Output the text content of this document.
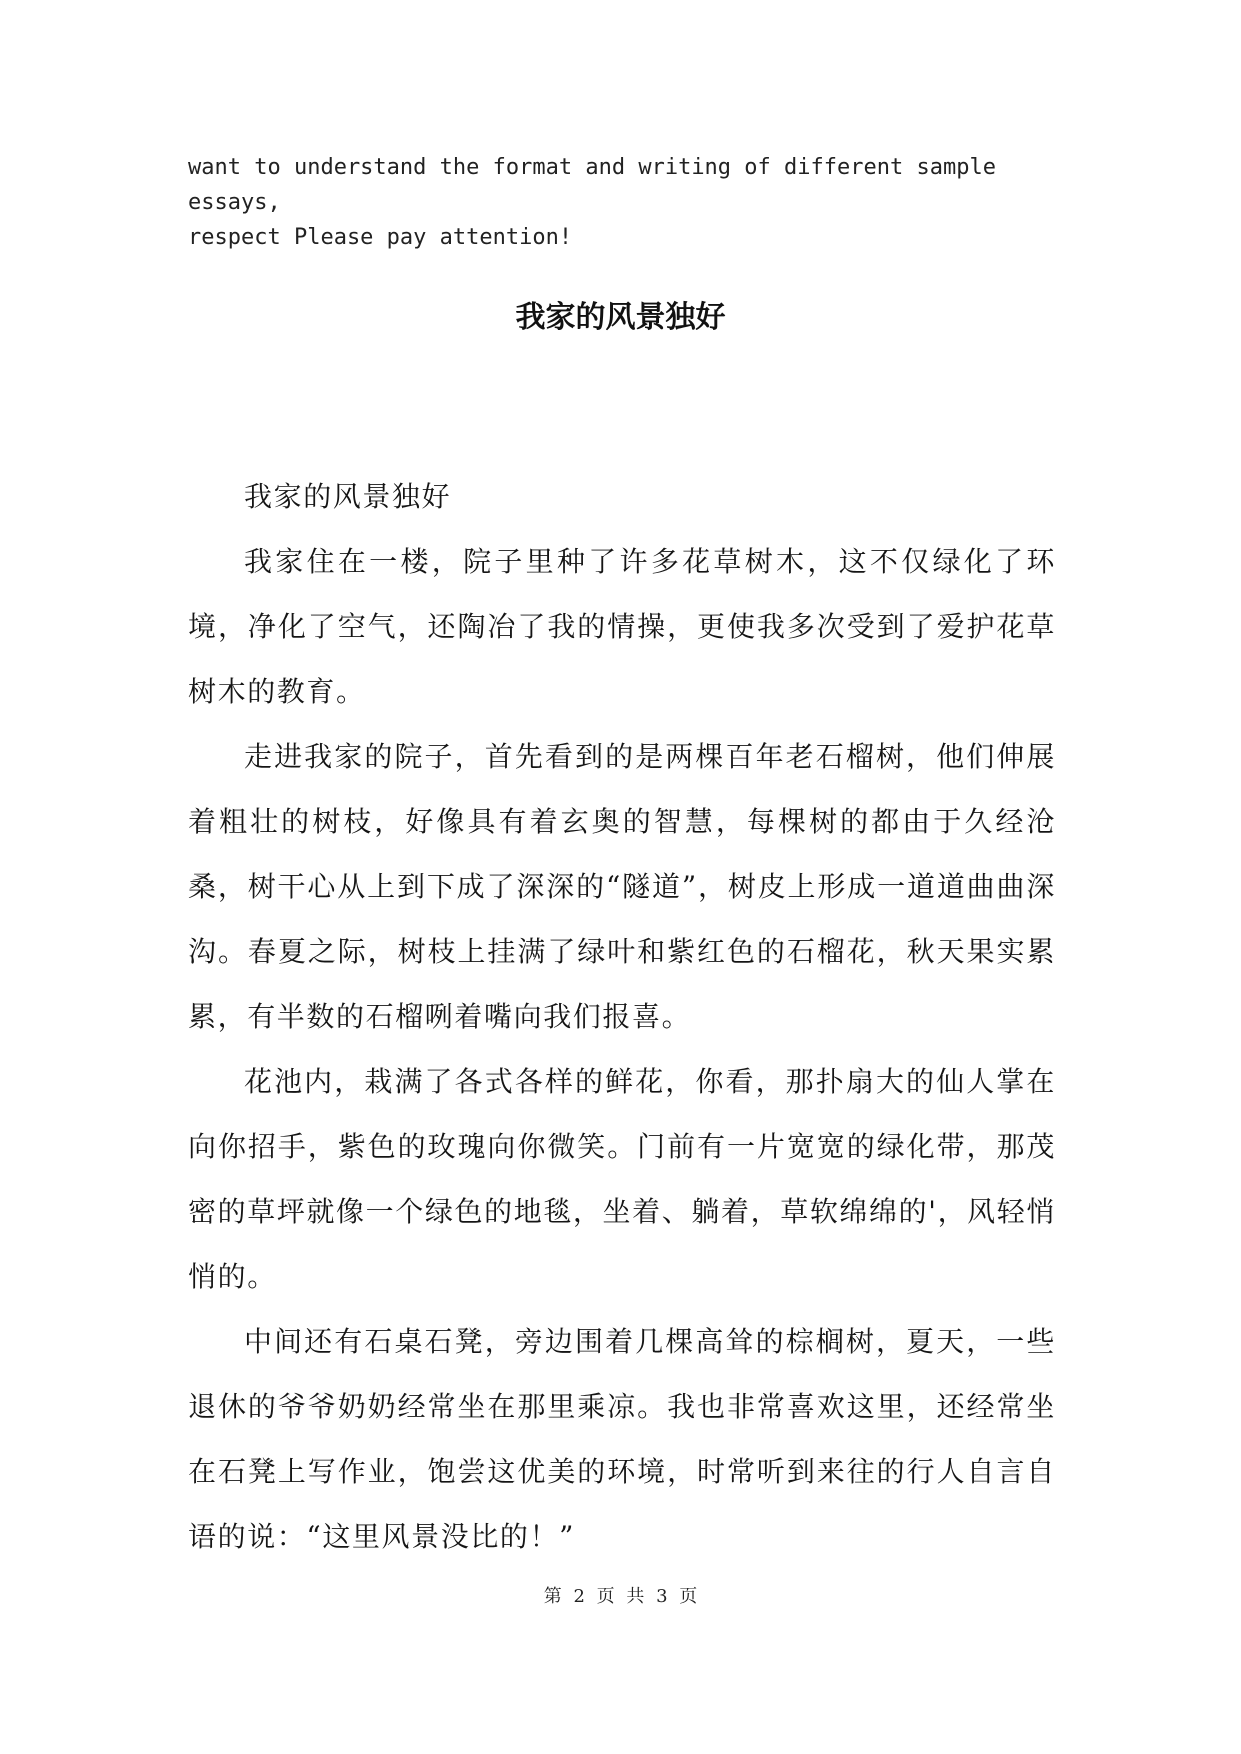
want to understand the format and writing of different sample essays,
respect Please pay attention!

我家的风景独好

我家的风景独好

我家住在一楼，院子里种了许多花草树木，这不仅绿化了环境，净化了空气，还陶冶了我的情操，更使我多次受到了爱护花草树木的教育。

走进我家的院子，首先看到的是两棵百年老石榴树，他们伸展着粗壮的树枝，好像具有着玄奥的智慧，每棵树的都由于久经沧桑，树干心从上到下成了深深的“隧道”，树皮上形成一道道曲曲深沟。春夏之际，树枝上挂满了绿叶和紫红色的石榴花，秋天果实累累，有半数的石榴咧着嘴向我们报喜。

花池内，栽满了各式各样的鲜花，你看，那扑扇大的仙人掌在向你招手，紫色的玫瑰向你微笑。门前有一片宽宽的绿化带，那茂密的草坪就像一个绿色的地毯，坐着、躺着，草软绵绵的'，风轻悄悄的。

中间还有石桌石凳，旁边围着几棵高耸的棕榈树，夏天，一些退休的爷爷奶奶经常坐在那里乘凉。我也非常喜欢这里，还经常坐在石凳上写作业，饱尝这优美的环境，时常听到来往的行人自言自语的说：“这里风景没比的！”

第 2 页 共 3 页
